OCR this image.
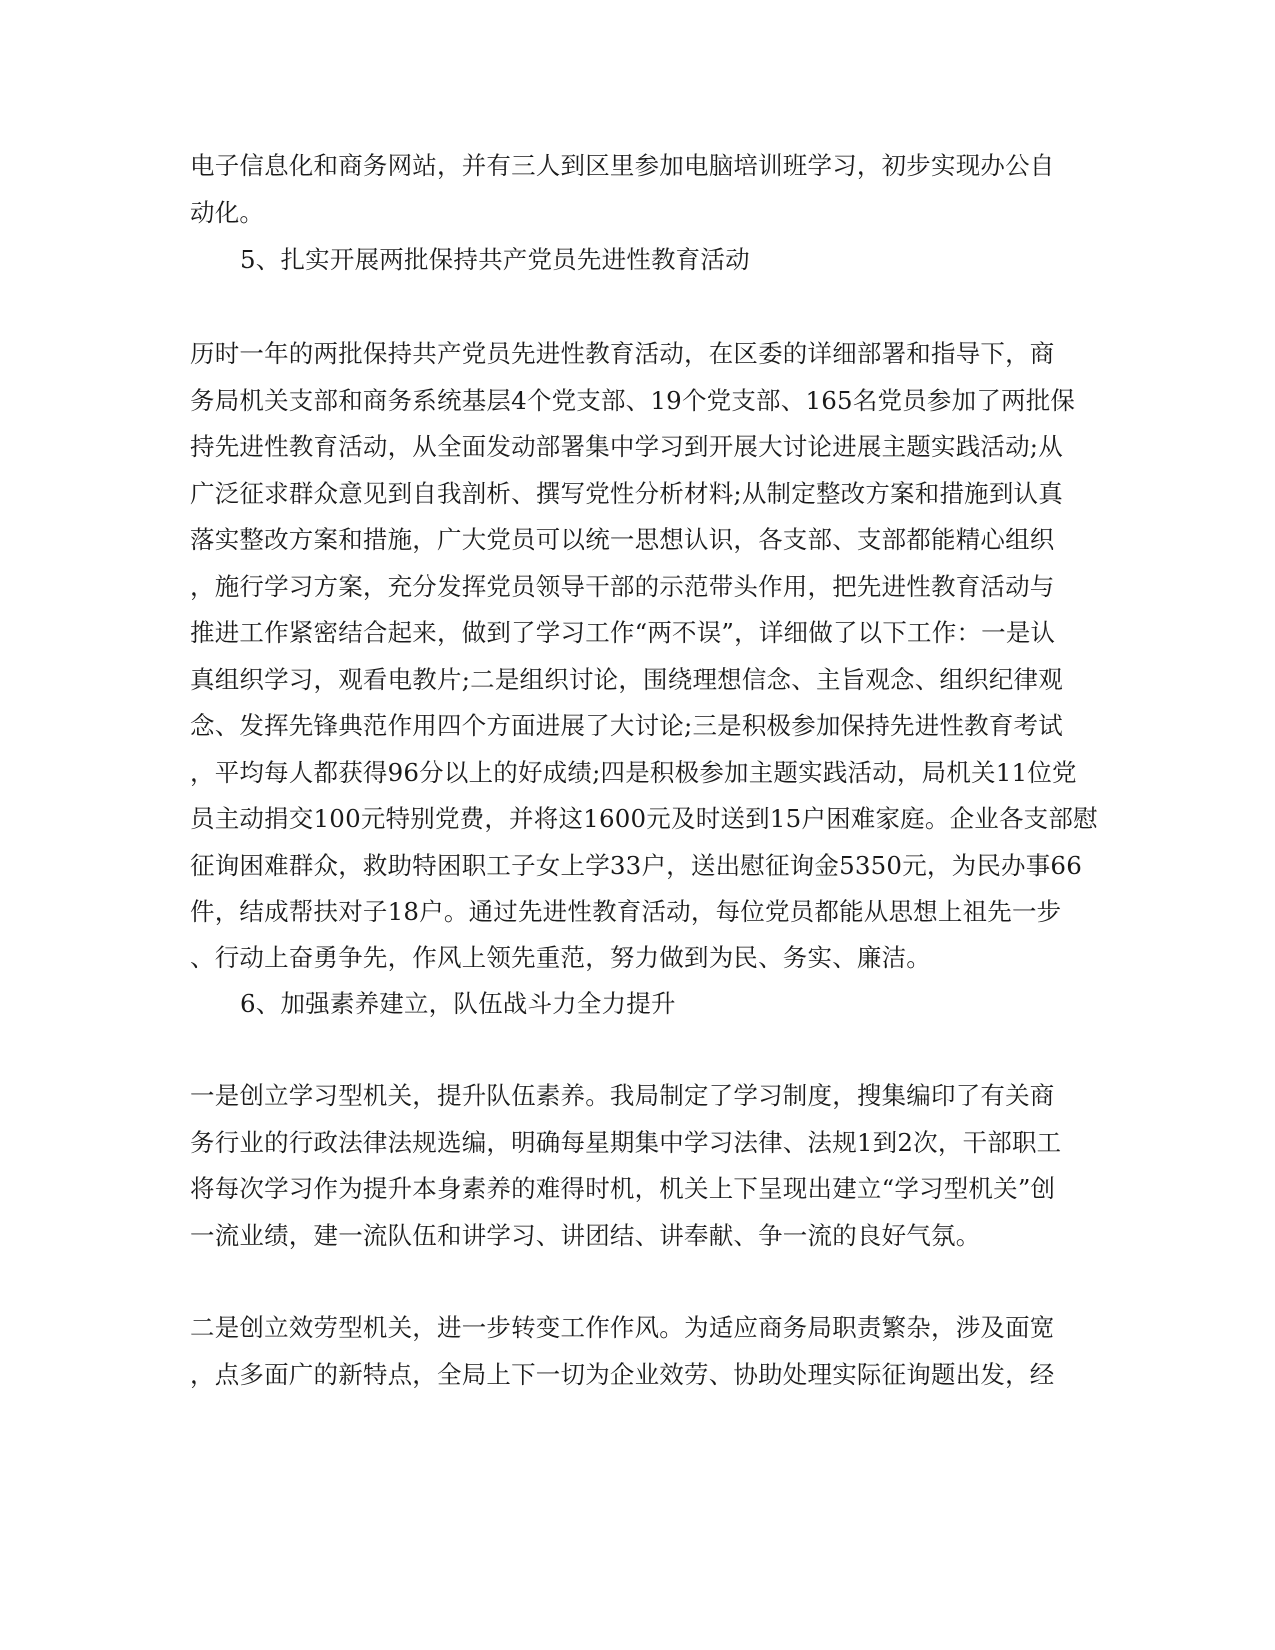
电子信息化和商务网站，并有三人到区里参加电脑培训班学习，初步实现办公自
动化。
5、扎实开展两批保持共产党员先进性教育活动
历时一年的两批保持共产党员先进性教育活动，在区委的详细部署和指导下，商
务局机关支部和商务系统基层4个党支部、19个党支部、165名党员参加了两批保
持先进性教育活动，从全面发动部署集中学习到开展大讨论进展主题实践活动;从
广泛征求群众意见到自我剖析、撰写党性分析材料;从制定整改方案和措施到认真
落实整改方案和措施，广大党员可以统一思想认识，各支部、支部都能精心组织
，施行学习方案，充分发挥党员领导干部的示范带头作用，把先进性教育活动与
推进工作紧密结合起来，做到了学习工作“两不误”，详细做了以下工作：一是认
真组织学习，观看电教片;二是组织讨论，围绕理想信念、主旨观念、组织纪律观
念、发挥先锋典范作用四个方面进展了大讨论;三是积极参加保持先进性教育考试
，平均每人都获得96分以上的好成绩;四是积极参加主题实践活动，局机关11位党
员主动捐交100元特别党费，并将这1600元及时送到15户困难家庭。企业各支部慰
征询困难群众，救助特困职工子女上学33户，送出慰征询金5350元，为民办事66
件，结成帮扶对子18户。通过先进性教育活动，每位党员都能从思想上祖先一步
、行动上奋勇争先，作风上领先重范，努力做到为民、务实、廉洁。
6、加强素养建立，队伍战斗力全力提升
一是创立学习型机关，提升队伍素养。我局制定了学习制度，搜集编印了有关商
务行业的行政法律法规选编，明确每星期集中学习法律、法规1到2次，干部职工
将每次学习作为提升本身素养的难得时机，机关上下呈现出建立“学习型机关”创
一流业绩，建一流队伍和讲学习、讲团结、讲奉献、争一流的良好气氛。
二是创立效劳型机关，进一步转变工作作风。为适应商务局职责繁杂，涉及面宽
，点多面广的新特点，全局上下一切为企业效劳、协助处理实际征询题出发，经
